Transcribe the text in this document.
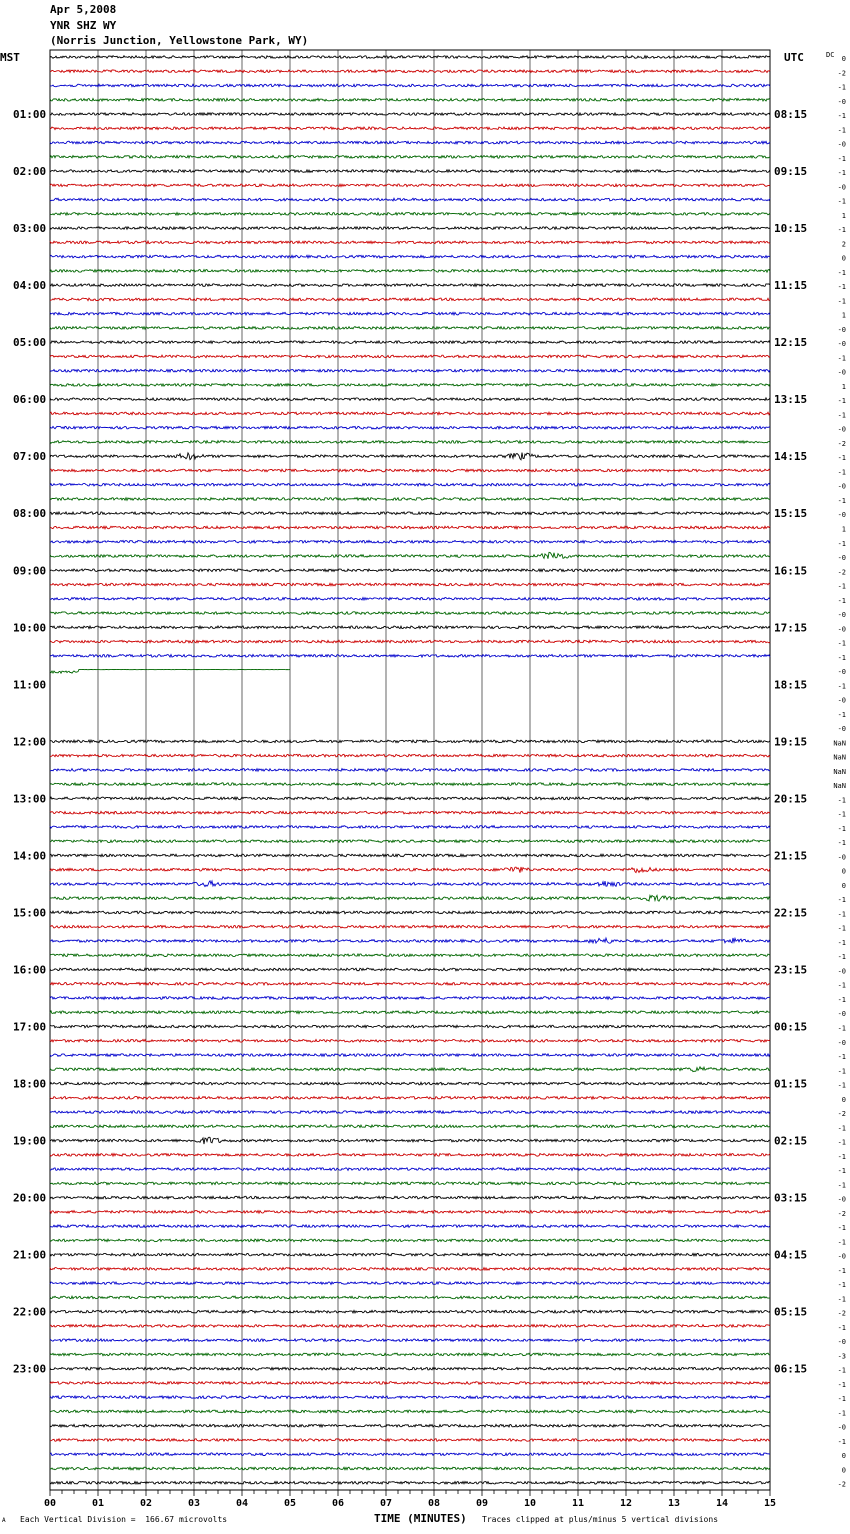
Apr 5,2008
YNR SHZ WY
(Norris Junction, Yellowstone Park, WY)
01:00	08:15
02:00	09:15
03:00	10:15
04:00	11:15
05:00	12:15
06:00	13:15
07:00	14:15
08:00	15:15
09:00	16:15
10:00	17:15
11:00	18:15
12:00	19:15
13:00	20:15
14:00	21:15
15:00	22:15
16:00	23:15
17:00	00:15
18:00	01:15
19:00	02:15
20:00	03:15
21:00	04:15
22:00	05:15
23:00	06:15
0
-2
-1
-0
-1
-1
-0
-1
-1
-0
-1
1
-1
2
0
-1
-1
-1
1
-0
-0
-1
-0
1
-1
-1
-0
-2
-1
-1
-0
-1
-0
1
-1
-0
-2
-1
-1
-0
-0
-1
-1
-0
-1
-0
-1
-0
NaN
NaN
NaN
NaN
-1
-1
-1
-1
-0
0
0
-1
-1
-1
-1
-1
-0
-1
-1
-0
-1
-0
-1
-1
-1
0
-2
-1
-1
-1
-1
-1
-0
-2
-1
-1
-0
-1
-1
-1
-2
-1
-0
-3
-1
-1
-1
-1
-0
-1
0
0
-2
00	01	02	03	04	05	06	07	08	09	10	11	12	13	14	15
MST	UTC	DC
TIME (MINUTES)
Each Vertical Division =  166.67 microvolts	Traces clipped at plus/minus 5 vertical divisions
A
